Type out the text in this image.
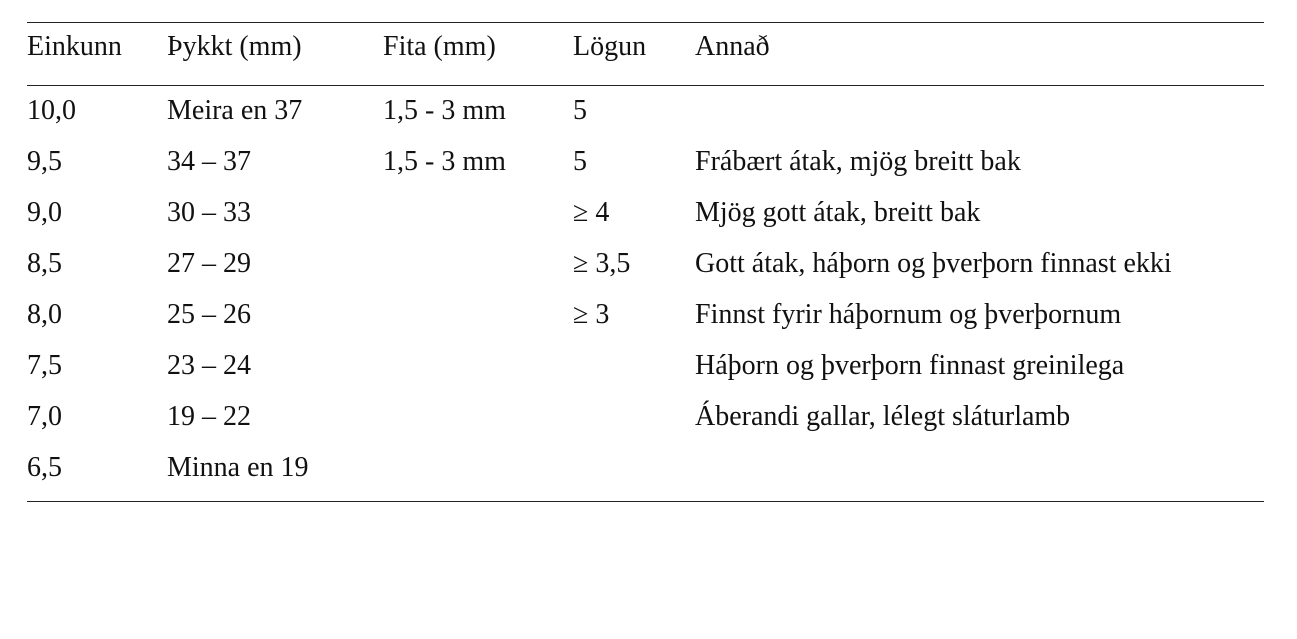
Einkunn	Þykkt (mm)	Fita (mm)	Lögun	Annað
10,0	Meira en 37	1,5 - 3 mm	5	
9,5	34 – 37	1,5 - 3 mm	5	Frábært átak, mjög breitt bak
9,0	30 – 33		≥ 4	Mjög gott átak, breitt bak
8,5	27 – 29		≥ 3,5	Gott átak, háþorn og þverþorn finnast ekki
8,0	25 – 26		≥ 3	Finnst fyrir háþornum og þverþornum
7,5	23 – 24			Háþorn og þverþorn finnast greinilega
7,0	19 – 22			Áberandi gallar, lélegt sláturlamb
6,5	Minna en 19			
